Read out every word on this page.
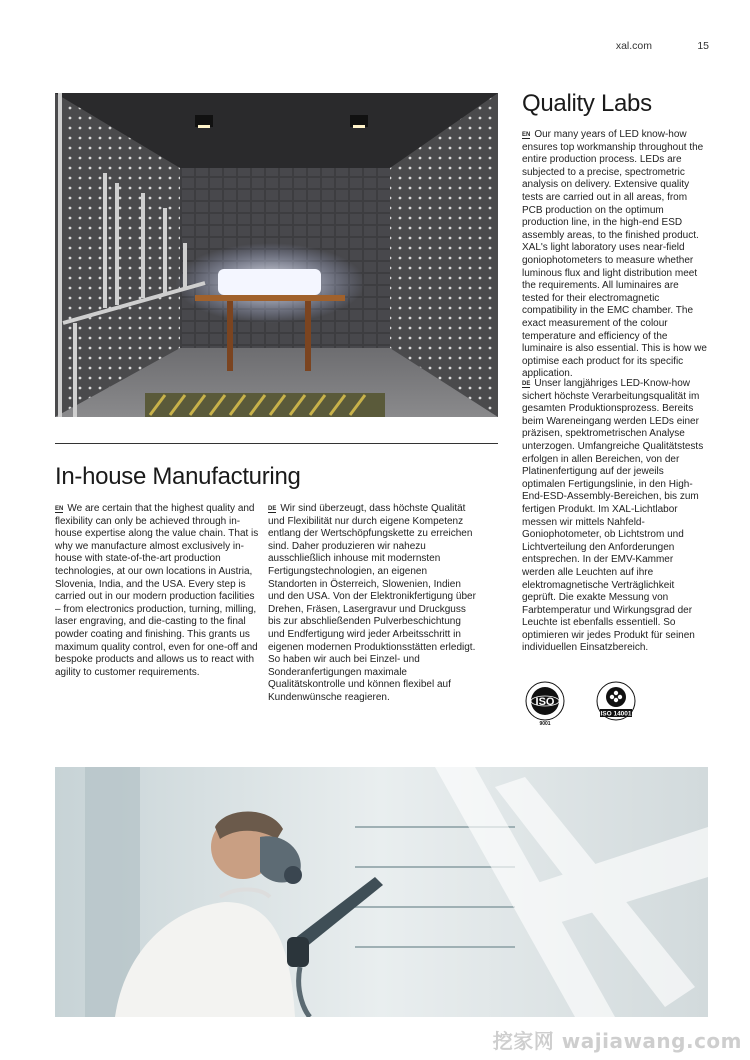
xal.com	15
In-house Manufacturing

EN We are certain that the highest quality and flexibility can only be achieved through in-house expertise along the value chain. That is why we manufacture almost exclusively in-house with state-of-the-art production technologies, at our own locations in Austria, Slovenia, India, and the USA. Every step is carried out in our modern production facilities – from electronics production, turning, milling, laser engraving, and die-casting to the final powder coating and finishing. This grants us maximum quality control, even for one-off and bespoke products and allows us to react with agility to customer requirements.

DE Wir sind überzeugt, dass höchste Qualität und Flexibilität nur durch eigene Kompetenz entlang der Wertschöpfungskette zu erreichen sind. Daher produzieren wir nahezu ausschließlich inhouse mit modernsten Fertigungstechnologien, an eigenen Standorten in Österreich, Slowenien, Indien und den USA. Von der Elektronikfertigung über Drehen, Fräsen, Lasergravur und Druckguss bis zur abschließenden Pulverbeschichtung und Endfertigung wird jeder Arbeitsschritt in eigenen modernen Produktionsstätten erledigt. So haben wir auch bei Einzel- und Sonderanfertigungen maximale Qualitätskontrolle und können flexibel auf Kundenwünsche reagieren.

Quality Labs

EN Our many years of LED know-how ensures top workmanship throughout the entire production process. LEDs are subjected to a precise, spectrometric analysis on delivery. Extensive quality tests are carried out in all areas, from PCB production on the optimum production line, in the high-end ESD assembly areas, to the finished product. XAL's light laboratory uses near-field goniophotometers to measure whether luminous flux and light distribution meet the requirements. All luminaires are tested for their electromagnetic compatibility in the EMC chamber. The exact measurement of the colour temperature and efficiency of the luminaire is also essential. This is how we optimise each product for its specific application.

DE Unser langjähriges LED-Know-how sichert höchste Verarbeitungsqualität im gesamten Produktionsprozess. Bereits beim Wareneingang werden LEDs einer präzisen, spektrometrischen Analyse unterzogen. Umfangreiche Qualitätstests erfolgen in allen Bereichen, von der Platinenfertigung auf der jeweils optimalen Fertigungslinie, in den High-End-ESD-Assembly-Bereichen, bis zum fertigen Produkt. Im XAL-Lichtlabor messen wir mittels Nahfeld-Goniophotometer, ob Lichtstrom und Lichtverteilung den Anforderungen entsprechen. In der EMV-Kammer werden alle Leuchten auf ihre elektromagnetische Verträglichkeit geprüft. Die exakte Messung von Farbtemperatur und Wirkungsgrad der Leuchte ist ebenfalls essentiell. So optimieren wir jedes Produkt für seinen individuellen Einsatzbereich.

ISO
9001
ISO 14001
挖家网 wajiawang.com
